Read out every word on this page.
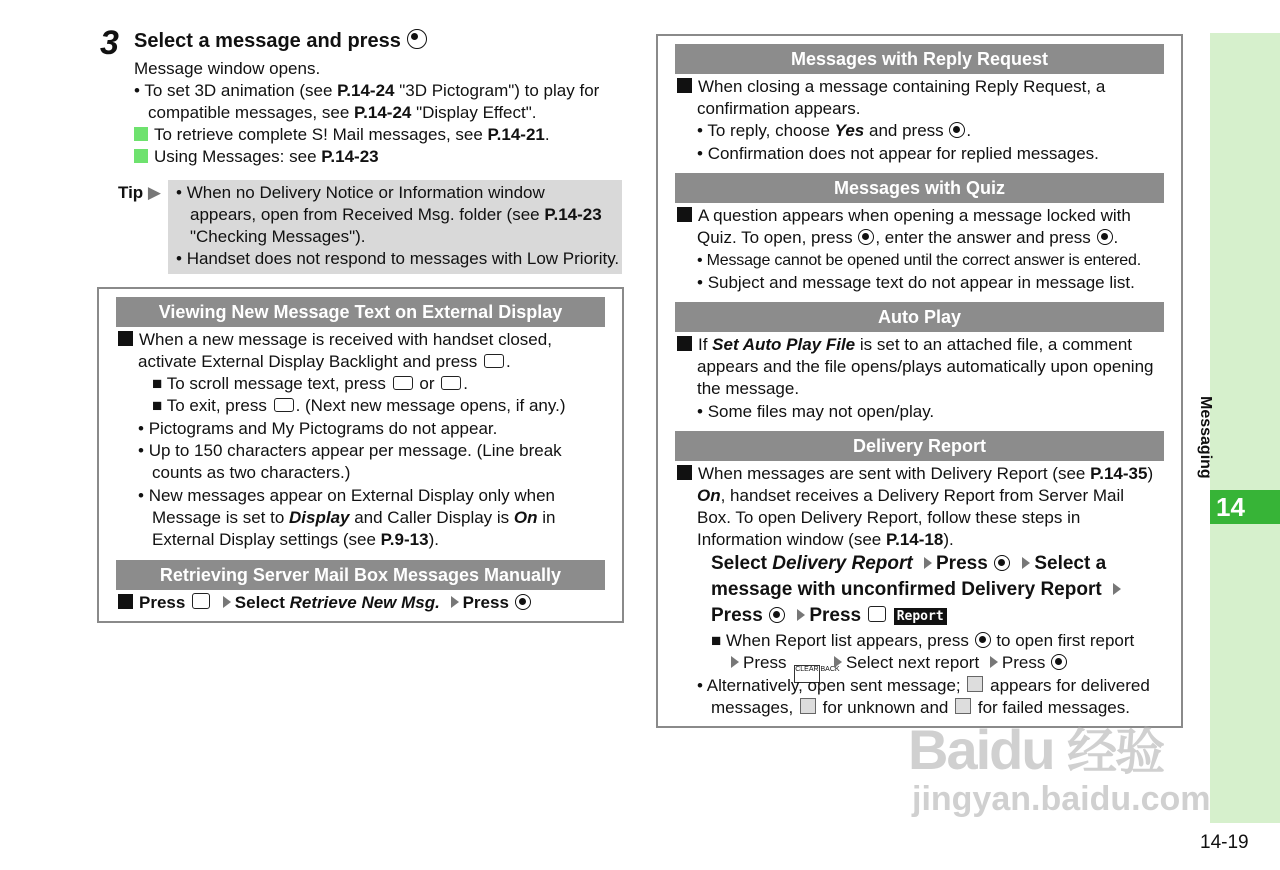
3 Select a message and press
Message window opens.
• To set 3D animation (see P.14-24 "3D Pictogram") to play for
compatible messages, see P.14-24 "Display Effect".
To retrieve complete S! Mail messages, see P.14-21.
Using Messages: see P.14-23
Tip ▶ • When no Delivery Notice or Information window
appears, open from Received Msg. folder (see P.14-23
"Checking Messages").
• Handset does not respond to messages with Low Priority.
Viewing New Message Text on External Display
When a new message is received with handset closed,
activate External Display Backlight and press .
■ To scroll message text, press or .
■ To exit, press . (Next new message opens, if any.)
• Pictograms and My Pictograms do not appear.
• Up to 150 characters appear per message. (Line break
counts as two characters.)
• New messages appear on External Display only when
Message is set to Display and Caller Display is On in
External Display settings (see P.9-13).
Retrieving Server Mail Box Messages Manually
Press	Select Retrieve New Msg. Press
Messages with Reply Request
When closing a message containing Reply Request, a
confirmation appears.
• To reply, choose Yes and press .
• Confirmation does not appear for replied messages.
Messages with Quiz
A question appears when opening a message locked with
Quiz. To open, press , enter the answer and press .
• Message cannot be opened until the correct answer is entered.
• Subject and message text do not appear in message list.
Auto Play
If Set Auto Play File is set to an attached file, a comment
appears and the file opens/plays automatically upon opening
the message.
• Some files may not open/play.
Delivery Report
When messages are sent with Delivery Report (see P.14-35)
On, handset receives a Delivery Report from Server Mail
Box. To open Delivery Report, follow these steps in
Information window (see P.14-18).
Select Delivery Report Press Select a
message with unconfirmed Delivery Report
Press Press	Report
■ When Report list appears, press to open first report
Press CLEAR BACK Select next report Press
• Alternatively, open sent message; appears for delivered
messages, for unknown and for failed messages.
Messaging
14
14-19
Baidu 经验
jingyan.baidu.com
